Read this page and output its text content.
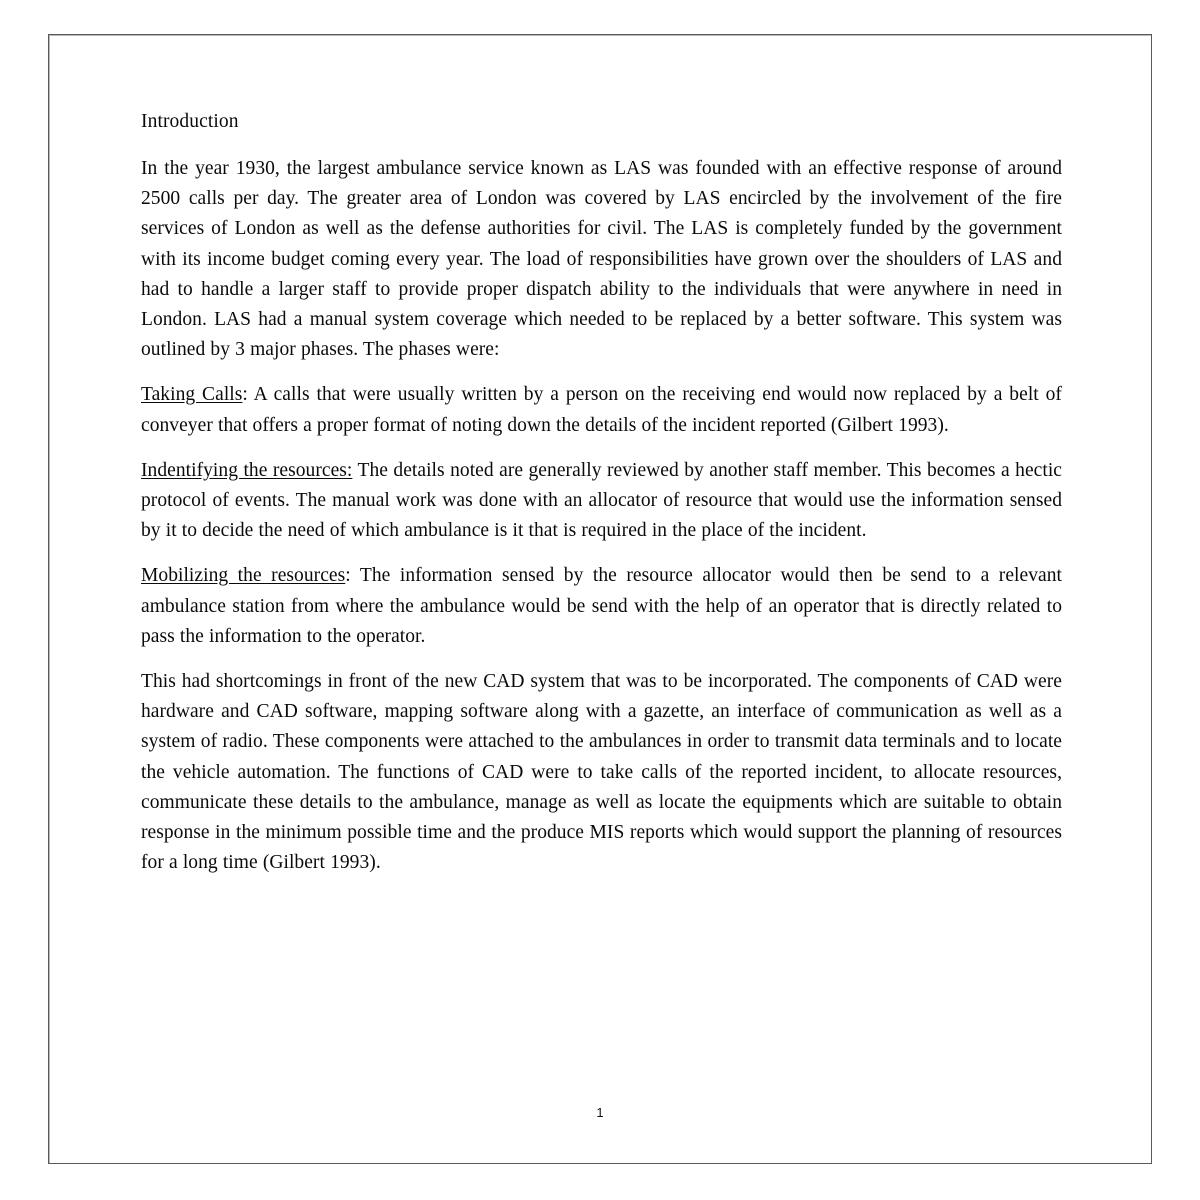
Introduction

In the year 1930, the largest ambulance service known as LAS was founded with an effective response of around 2500 calls per day. The greater area of London was covered by LAS encircled by the involvement of the fire services of London as well as the defense authorities for civil. The LAS is completely funded by the government with its income budget coming every year. The load of responsibilities have grown over the shoulders of LAS and had to handle a larger staff to provide proper dispatch ability to the individuals that were anywhere in need in London. LAS had a manual system coverage which needed to be replaced by a better software. This system was outlined by 3 major phases. The phases were:

Taking Calls: A calls that were usually written by a person on the receiving end would now replaced by a belt of conveyer that offers a proper format of noting down the details of the incident reported (Gilbert 1993).

Indentifying the resources: The details noted are generally reviewed by another staff member. This becomes a hectic protocol of events. The manual work was done with an allocator of resource that would use the information sensed by it to decide the need of which ambulance is it that is required in the place of the incident.

Mobilizing the resources: The information sensed by the resource allocator would then be send to a relevant ambulance station from where the ambulance would be send with the help of an operator that is directly related to pass the information to the operator.

This had shortcomings in front of the new CAD system that was to be incorporated. The components of CAD were hardware and CAD software, mapping software along with a gazette, an interface of communication as well as a system of radio. These components were attached to the ambulances in order to transmit data terminals and to locate the vehicle automation. The functions of CAD were to take calls of the reported incident, to allocate resources, communicate these details to the ambulance, manage as well as locate the equipments which are suitable to obtain response in the minimum possible time and the produce MIS reports which would support the planning of resources for a long time (Gilbert 1993).

1
